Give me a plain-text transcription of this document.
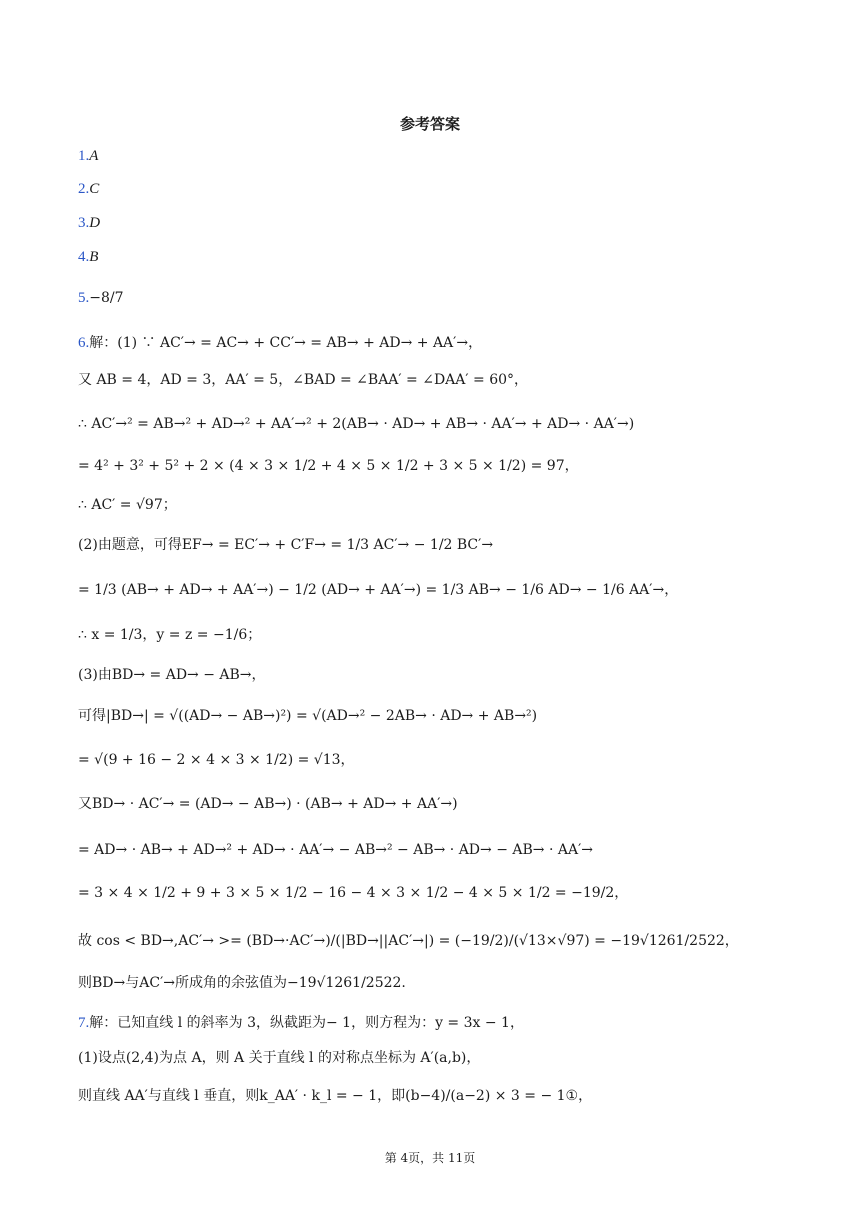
参考答案
1.A
2.C
3.D
4.B
5.−8/7
6.解：(1) ∵ AC′→ = AC→ + CC′→ = AB→ + AD→ + AA′→，
又 AB = 4，AD = 3，AA′ = 5，∠BAD = ∠BAA′ = ∠DAA′ = 60°，
∴ AC′→² = AB→² + AD→² + AA′→² + 2(AB→ · AD→ + AB→ · AA′→ + AD→ · AA′→)
= 4² + 3² + 5² + 2 × (4 × 3 × 1/2 + 4 × 5 × 1/2 + 3 × 5 × 1/2) = 97，
∴ AC′ = √97；
(2)由题意，可得EF→ = EC′→ + C′F→ = 1/3 AC′→ − 1/2 BC′→
= 1/3 (AB→ + AD→ + AA′→) − 1/2 (AD→ + AA′→) = 1/3 AB→ − 1/6 AD→ − 1/6 AA′→，
∴ x = 1/3，y = z = −1/6；
(3)由BD→ = AD→ − AB→，
可得|BD→| = √((AD→ − AB→)²) = √(AD→² − 2AB→ · AD→ + AB→²)
= √(9 + 16 − 2 × 4 × 3 × 1/2) = √13，
又BD→ · AC′→ = (AD→ − AB→) · (AB→ + AD→ + AA′→)
= AD→ · AB→ + AD→² + AD→ · AA′→ − AB→² − AB→ · AD→ − AB→ · AA′→
= 3 × 4 × 1/2 + 9 + 3 × 5 × 1/2 − 16 − 4 × 3 × 1/2 − 4 × 5 × 1/2 = −19/2，
故 cos < BD→,AC′→ >= (BD→·AC′→)/(|BD→||AC′→|) = (−19/2)/(√13×√97) = −19√1261/2522，
则BD→与AC′→所成角的余弦值为−19√1261/2522.
7.解：已知直线 l 的斜率为 3，纵截距为− 1，则方程为：y = 3x − 1，
(1)设点(2,4)为点 A，则 A 关于直线 l 的对称点坐标为 A′(a,b)，
则直线 AA′与直线 l 垂直，则k_AA′ · k_l = − 1，即(b−4)/(a−2) × 3 = − 1①，
第 4页，共 11页
